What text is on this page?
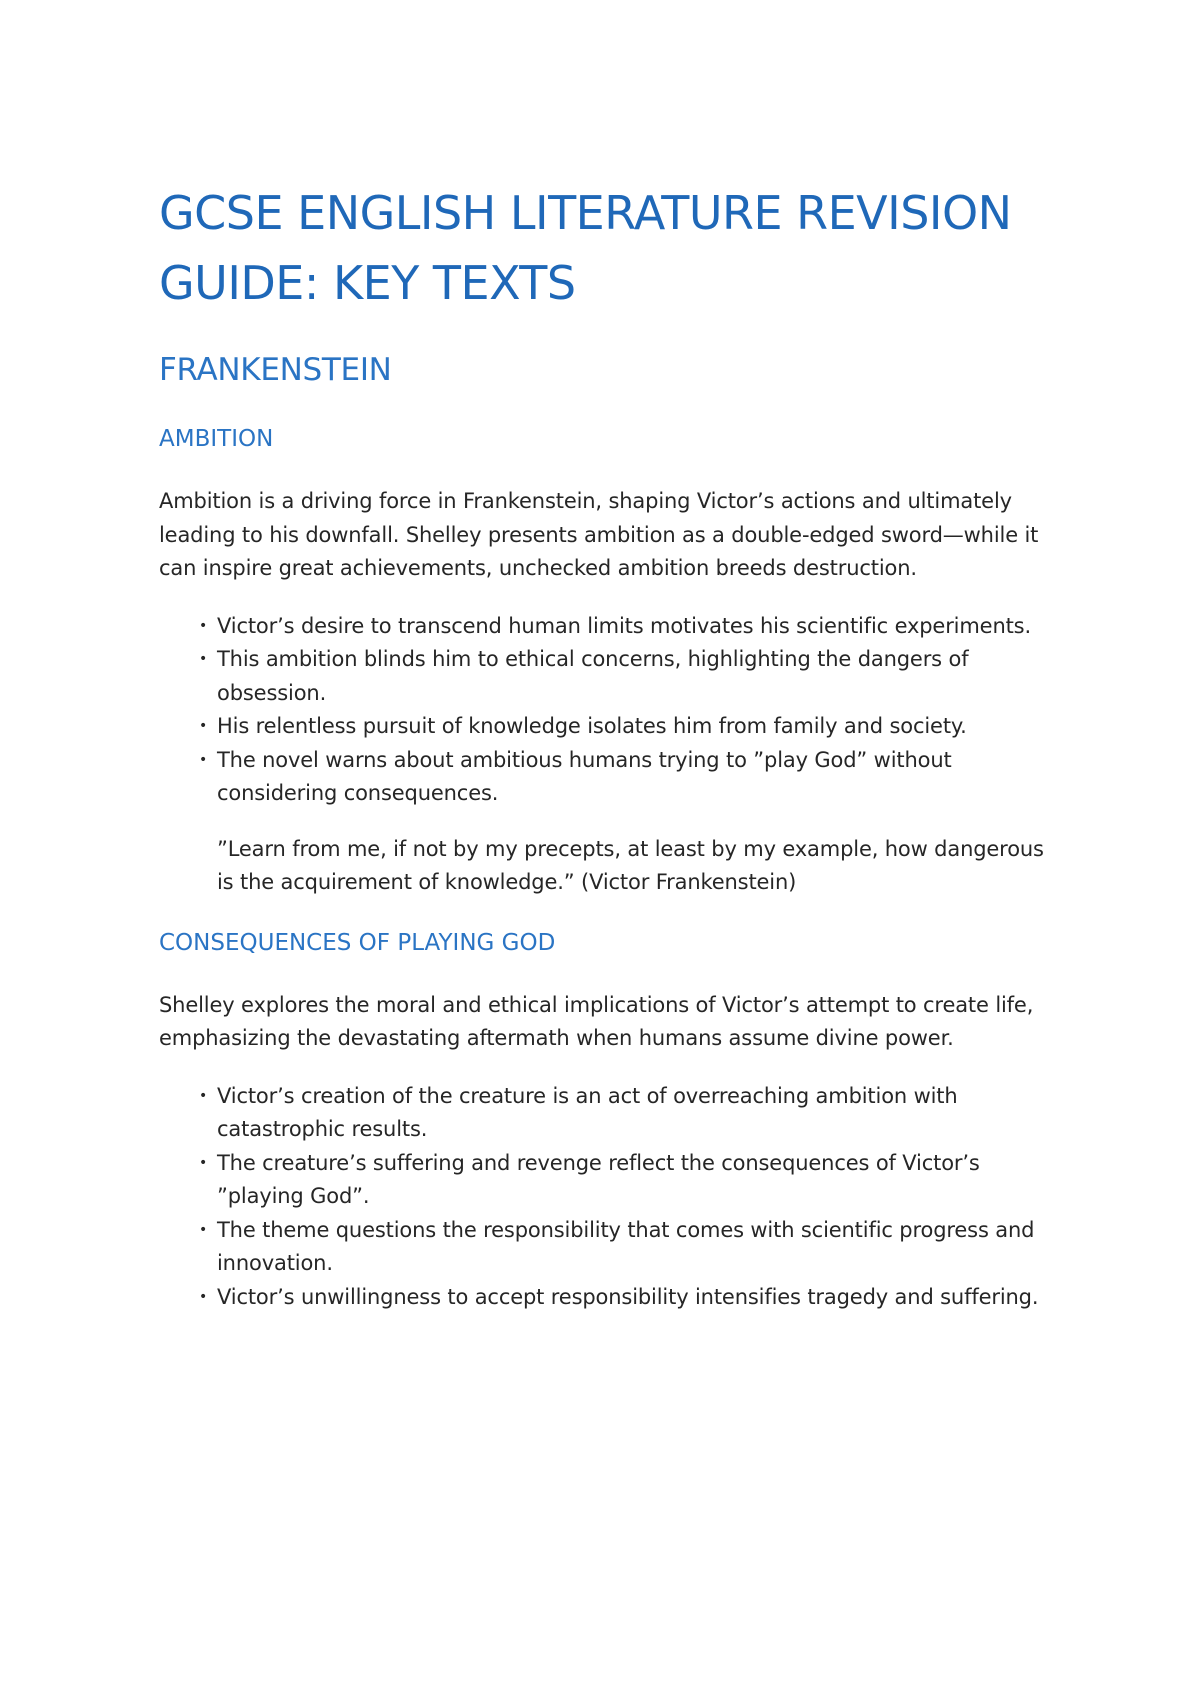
GCSE ENGLISH LITERATURE REVISION GUIDE: KEY TEXTS
FRANKENSTEIN
AMBITION

Ambition is a driving force in Frankenstein, shaping Victor’s actions and ultimately leading to his downfall. Shelley presents ambition as a double-edged sword—while it can inspire great achievements, unchecked ambition breeds destruction.

• Victor’s desire to transcend human limits motivates his scientific experiments.
• This ambition blinds him to ethical concerns, highlighting the dangers of obsession.
• His relentless pursuit of knowledge isolates him from family and society.
• The novel warns about ambitious humans trying to ”play God” without considering consequences.

”Learn from me, if not by my precepts, at least by my example, how dangerous is the acquirement of knowledge.” (Victor Frankenstein)

CONSEQUENCES OF PLAYING GOD

Shelley explores the moral and ethical implications of Victor’s attempt to create life, emphasizing the devastating aftermath when humans assume divine power.

• Victor’s creation of the creature is an act of overreaching ambition with catastrophic results.
• The creature’s suffering and revenge reflect the consequences of Victor’s ”playing God”.
• The theme questions the responsibility that comes with scientific progress and innovation.
• Victor’s unwillingness to accept responsibility intensifies tragedy and suffering.
